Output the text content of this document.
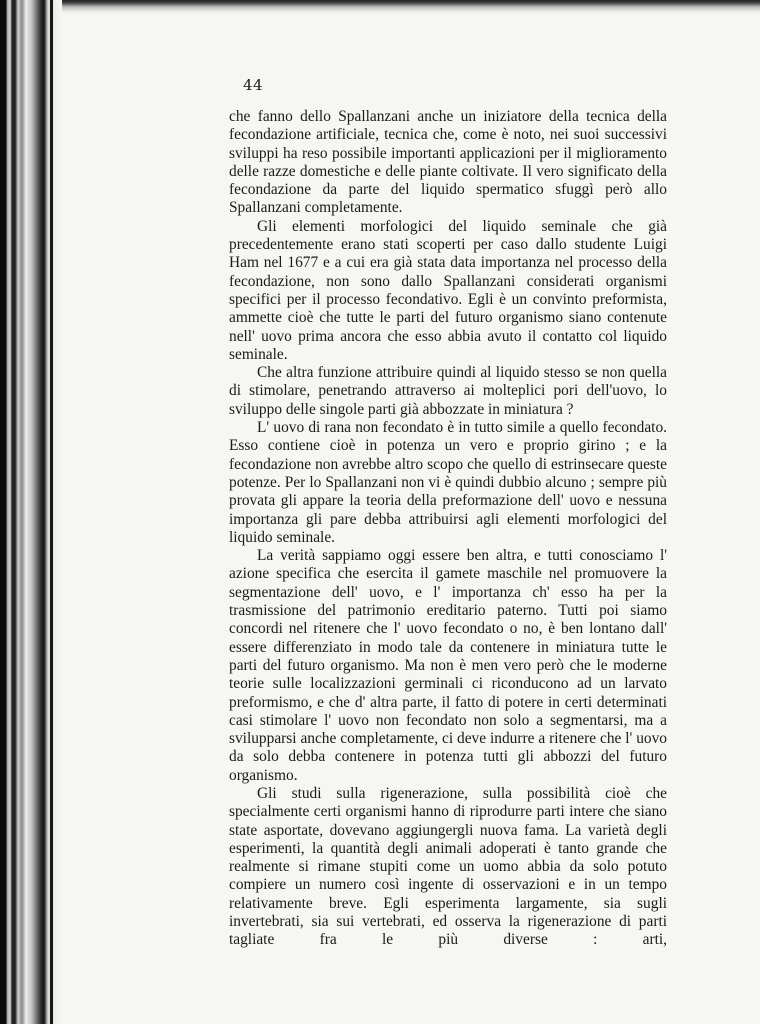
44

che fanno dello Spallanzani anche un iniziatore della tecnica della fecondazione artificiale, tecnica che, come è noto, nei suoi successivi sviluppi ha reso possibile importanti applicazioni per il miglioramento delle razze domestiche e delle piante coltivate. Il vero significato della fecondazione da parte del liquido spermatico sfuggì però allo Spallanzani completamente.

Gli elementi morfologici del liquido seminale che già precedentemente erano stati scoperti per caso dallo studente Luigi Ham nel 1677 e a cui era già stata data importanza nel processo della fecondazione, non sono dallo Spallanzani considerati organismi specifici per il processo fecondativo. Egli è un convinto preformista, ammette cioè che tutte le parti del futuro organismo siano contenute nell' uovo prima ancora che esso abbia avuto il contatto col liquido seminale.

Che altra funzione attribuire quindi al liquido stesso se non quella di stimolare, penetrando attraverso ai molteplici pori dell'uovo, lo sviluppo delle singole parti già abbozzate in miniatura ?

L' uovo di rana non fecondato è in tutto simile a quello fecondato. Esso contiene cioè in potenza un vero e proprio girino ; e la fecondazione non avrebbe altro scopo che quello di estrinsecare queste potenze. Per lo Spallanzani non vi è quindi dubbio alcuno ; sempre più provata gli appare la teoria della preformazione dell' uovo e nessuna importanza gli pare debba attribuirsi agli elementi morfologici del liquido seminale.

La verità sappiamo oggi essere ben altra, e tutti conosciamo l' azione specifica che esercita il gamete maschile nel promuovere la segmentazione dell' uovo, e l' importanza ch' esso ha per la trasmissione del patrimonio ereditario paterno. Tutti poi siamo concordi nel ritenere che l' uovo fecondato o no, è ben lontano dall' essere differenziato in modo tale da contenere in miniatura tutte le parti del futuro organismo. Ma non è men vero però che le moderne teorie sulle localizzazioni germinali ci riconducono ad un larvato preformismo, e che d' altra parte, il fatto di potere in certi determinati casi stimolare l' uovo non fecondato non solo a segmentarsi, ma a svilupparsi anche completamente, ci deve indurre a ritenere che l' uovo da solo debba contenere in potenza tutti gli abbozzi del futuro organismo.

Gli studi sulla rigenerazione, sulla possibilità cioè che specialmente certi organismi hanno di riprodurre parti intere che siano state asportate, dovevano aggiungergli nuova fama. La varietà degli esperimenti, la quantità degli animali adoperati è tanto grande che realmente si rimane stupiti come un uomo abbia da solo potuto compiere un numero così ingente di osservazioni e in un tempo relativamente breve. Egli esperimenta largamente, sia sugli invertebrati, sia sui vertebrati, ed osserva la rigenerazione di parti tagliate fra le più diverse : arti,
